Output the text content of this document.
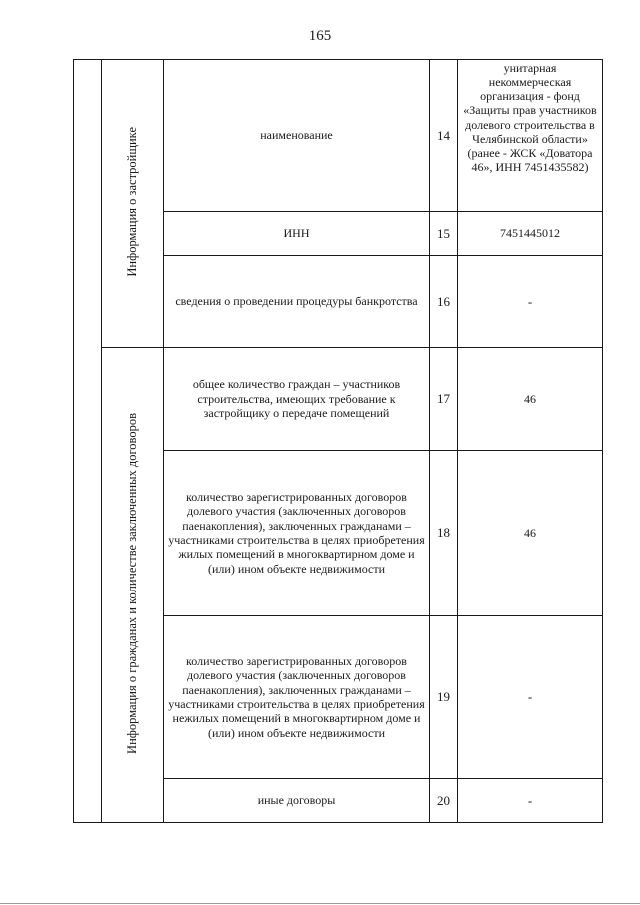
165
	Информация о застройщике	наименование	14	унитарная некоммерческая организация - фонд «Защиты прав участников долевого строительства в Челябинской области» (ранее - ЖСК «Доватора 46», ИНН 7451435582)
		ИНН	15	7451445012
		сведения о проведении процедуры банкротства	16	-
	Информация о гражданах и количестве заключенных договоров	общее количество граждан – участников строительства, имеющих требование к застройщику о передаче помещений	17	46
		количество зарегистрированных договоров долевого участия (заключенных договоров паенакопления), заключенных гражданами – участниками строительства в целях приобретения жилых помещений в многоквартирном доме и (или) ином объекте недвижимости	18	46
		количество зарегистрированных договоров долевого участия (заключенных договоров паенакопления), заключенных гражданами – участниками строительства в целях приобретения нежилых помещений в многоквартирном доме и (или) ином объекте недвижимости	19	-
		иные договоры	20	-
